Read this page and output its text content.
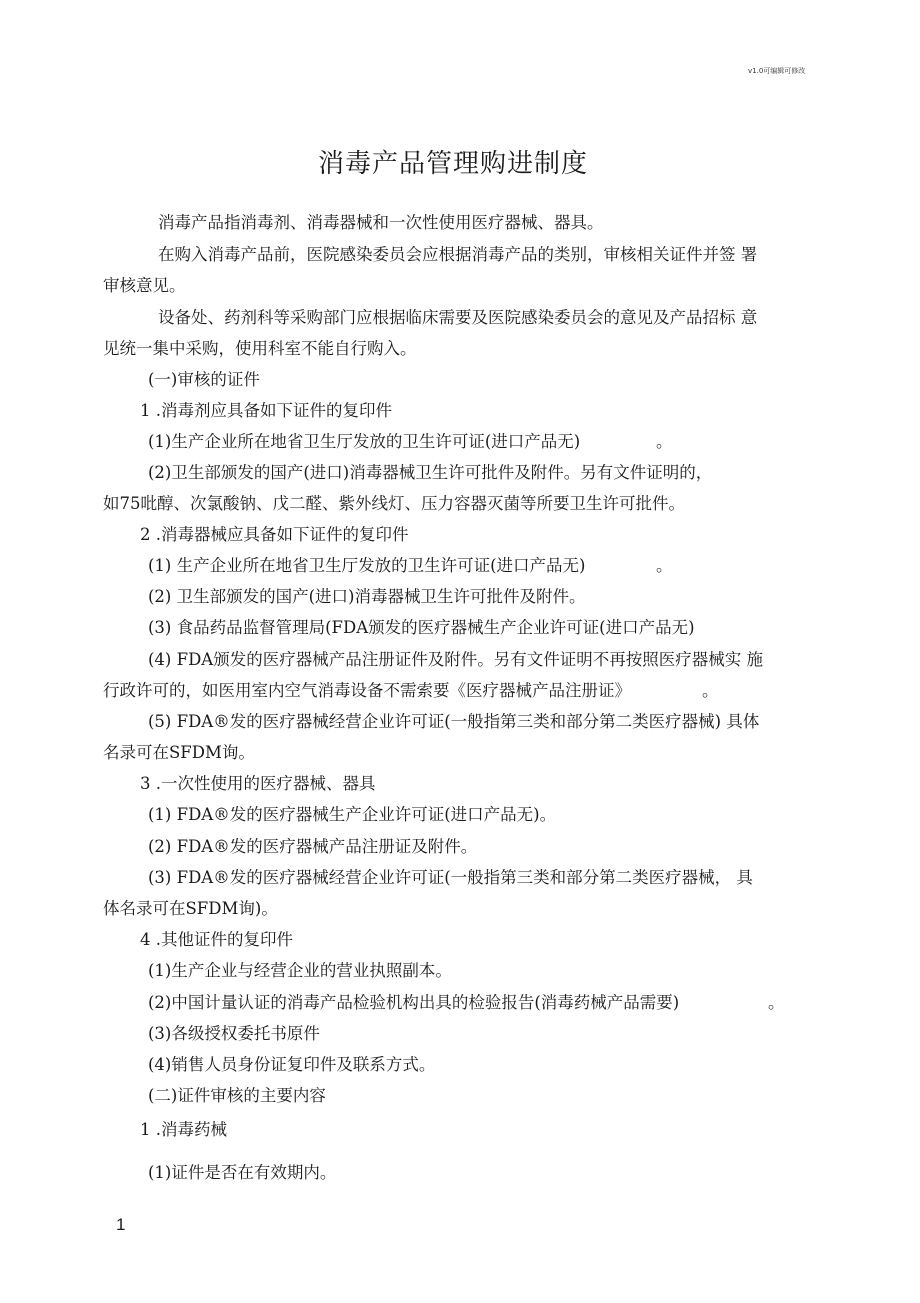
v1.0可编辑可修改
消毒产品管理购进制度
消毒产品指消毒剂、消毒器械和一次性使用医疗器械、器具。
在购入消毒产品前，医院感染委员会应根据消毒产品的类别，审核相关证件并签 署
审核意见。
设备处、药剂科等采购部门应根据临床需要及医院感染委员会的意见及产品招标 意
见统一集中采购，使用科室不能自行购入。
(一)审核的证件
1 .消毒剂应具备如下证件的复印件
(1)生产企业所在地省卫生厅发放的卫生许可证(进口产品无)	。
(2)卫生部颁发的国产(进口)消毒器械卫生许可批件及附件。另有文件证明的，
如75吡醇、次氯酸钠、戊二醛、紫外线灯、压力容器灭菌等所要卫生许可批件。
2 .消毒器械应具备如下证件的复印件
(1) 生产企业所在地省卫生厅发放的卫生许可证(进口产品无)	。
(2) 卫生部颁发的国产(进口)消毒器械卫生许可批件及附件。
(3) 食品药品监督管理局(FDA颁发的医疗器械生产企业许可证(进口产品无)
(4) FDA颁发的医疗器械产品注册证件及附件。另有文件证明不再按照医疗器械实 施
行政许可的，如医用室内空气消毒设备不需索要《医疗器械产品注册证》	。
(5) FDA®发的医疗器械经营企业许可证(一般指第三类和部分第二类医疗器械) 具体
名录可在SFDM询。
3 .一次性使用的医疗器械、器具
(1) FDA®发的医疗器械生产企业许可证(进口产品无)。
(2) FDA®发的医疗器械产品注册证及附件。
(3) FDA®发的医疗器械经营企业许可证(一般指第三类和部分第二类医疗器械， 具
体名录可在SFDM询)。
4 .其他证件的复印件
(1)生产企业与经营企业的营业执照副本。
(2)中国计量认证的消毒产品检验机构出具的检验报告(消毒药械产品需要)	。
(3)各级授权委托书原件
(4)销售人员身份证复印件及联系方式。
(二)证件审核的主要内容
1 .消毒药械
(1)证件是否在有效期内。
1
